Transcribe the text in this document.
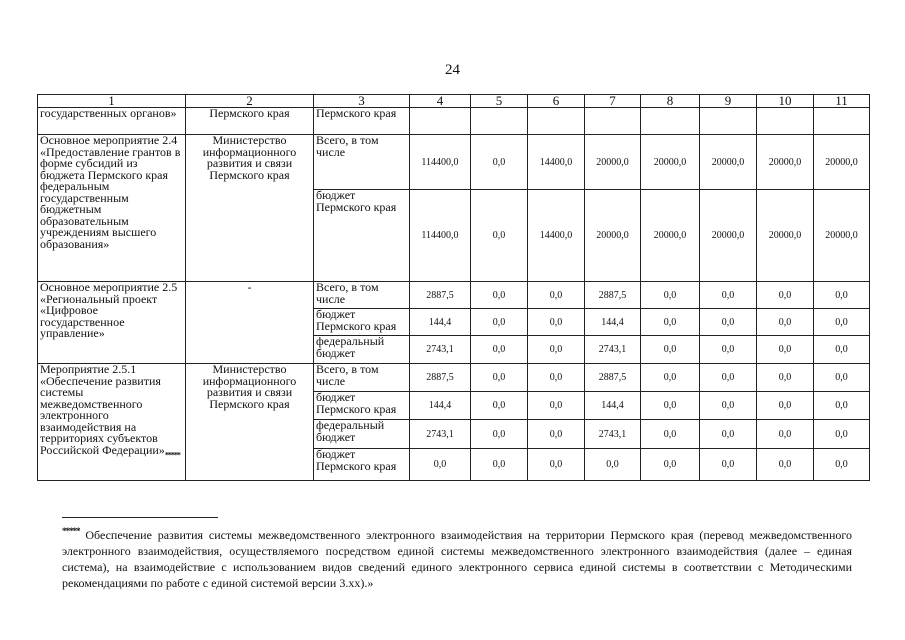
24
1	2	3	4	5	6	7	8	9	10	11
государственных органов»	Пермского края	Пермского края								
Основное мероприятие 2.4 «Предоставление грантов в форме субсидий из бюджета Пермского края федеральным государственным бюджетным образовательным учреждениям высшего образования»	Министерство информационного развития и связи Пермского края	Всего, в том числе	114400,0	0,0	14400,0	20000,0	20000,0	20000,0	20000,0	20000,0
		бюджет Пермского края	114400,0	0,0	14400,0	20000,0	20000,0	20000,0	20000,0	20000,0
Основное мероприятие 2.5 «Региональный проект «Цифровое государственное управление»	-	Всего, в том числе	2887,5	0,0	0,0	2887,5	0,0	0,0	0,0	0,0
		бюджет Пермского края	144,4	0,0	0,0	144,4	0,0	0,0	0,0	0,0
		федеральный бюджет	2743,1	0,0	0,0	2743,1	0,0	0,0	0,0	0,0
Мероприятие 2.5.1 «Обеспечение развития системы межведомственного электронного взаимодействия на территориях субъектов Российской $Федерации»_{*****}$	Министерство информационного развития и связи Пермского края	Всего, в том числе	2887,5	0,0	0,0	2887,5	0,0	0,0	0,0	0,0
		бюджет Пермского края	144,4	0,0	0,0	144,4	0,0	0,0	0,0	0,0
		федеральный бюджет	2743,1	0,0	0,0	2743,1	0,0	0,0	0,0	0,0
		бюджет Пермского края	0,0	0,0	0,0	0,0	0,0	0,0	0,0	0,0
***** Обеспечение развития системы межведомственного электронного взаимодействия на территории Пермского края (перевод межведомственного электронного взаимодействия, осуществляемого посредством единой системы межведомственного электронного взаимодействия (далее – единая система), на взаимодействие с использованием видов сведений единого электронного сервиса единой системы в соответствии с Методическими рекомендациями по работе с единой системой версии 3.хх).»
